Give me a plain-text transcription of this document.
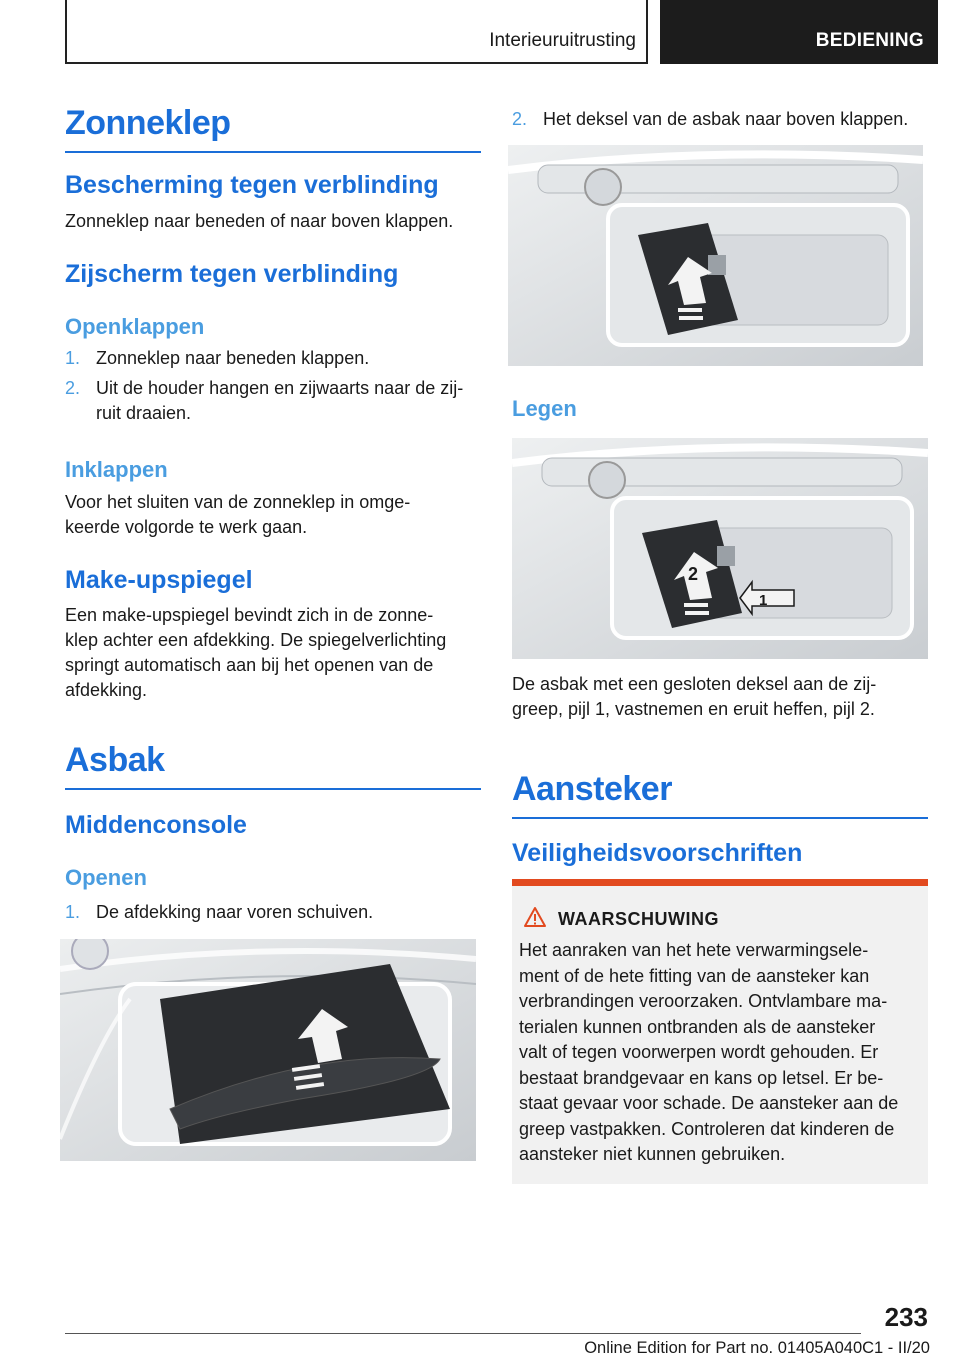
Interieuruitrusting	BEDIENING
Zonneklep
Bescherming tegen verblinding

Zonneklep naar beneden of naar boven klappen.

Zijscherm tegen verblinding
Openklappen

1. Zonneklep naar beneden klappen.

2. Uit de houder hangen en zijwaarts naar de zij-
ruit draaien.

Inklappen

Voor het sluiten van de zonneklep in omge-
keerde volgorde te werk gaan.

Make-upspiegel

Een make-upspiegel bevindt zich in de zonne-
klep achter een afdekking. De spiegelverlichting
springt automatisch aan bij het openen van de
afdekking.

Asbak
Middenconsole
Openen

1. De afdekking naar voren schuiven.

2. Het deksel van de asbak naar boven klappen.

Legen
2
1

De asbak met een gesloten deksel aan de zij-
greep, pijl 1, vastnemen en eruit heffen, pijl 2.

Aansteker
Veiligheidsvoorschriften
WAARSCHUWING
Het aanraken van het hete verwarmingsele-
ment of de hete fitting van de aansteker kan
verbrandingen veroorzaken. Ontvlambare ma-
terialen kunnen ontbranden als de aansteker
valt of tegen voorwerpen wordt gehouden. Er
bestaat brandgevaar en kans op letsel. Er be-
staat gevaar voor schade. De aansteker aan de
greep vastpakken. Controleren dat kinderen de
aansteker niet kunnen gebruiken.
233
Online Edition for Part no. 01405A040C1 - II/20
